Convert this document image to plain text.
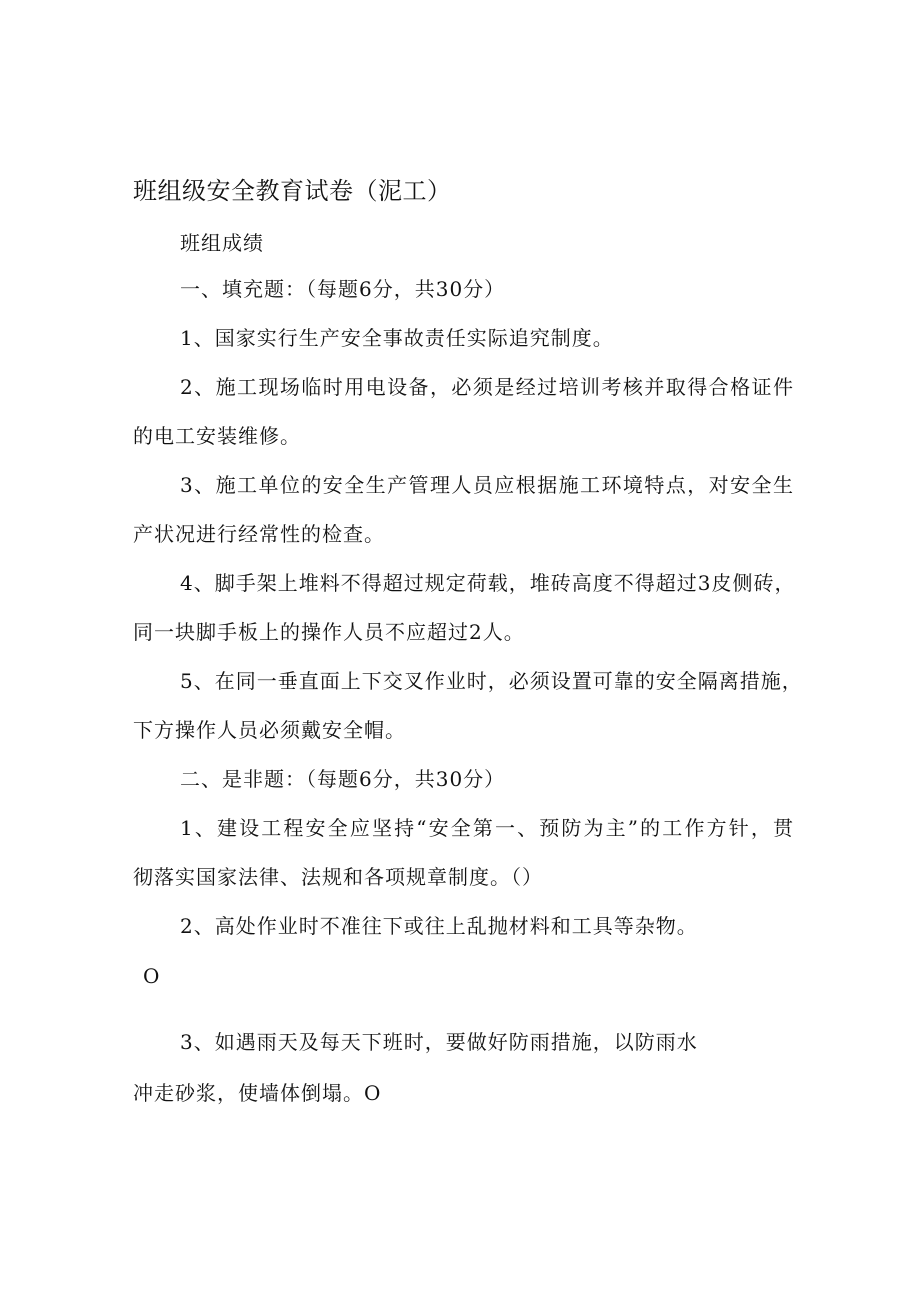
班组级安全教育试卷（泥工）
班组成绩
一、填充题：（每题6分，共30分）
1、国家实行生产安全事故责任实际追究制度。
2、施工现场临时用电设备，必须是经过培训考核并取得合格证件
的电工安装维修。
3、施工单位的安全生产管理人员应根据施工环境特点，对安全生
产状况进行经常性的检查。
4、脚手架上堆料不得超过规定荷载，堆砖高度不得超过3皮侧砖，
同一块脚手板上的操作人员不应超过2人。
5、在同一垂直面上下交叉作业时，必须设置可靠的安全隔离措施，
下方操作人员必须戴安全帽。
二、是非题：（每题6分，共30分）
1、建设工程安全应坚持“安全第一、预防为主”的工作方针，贯
彻落实国家法律、法规和各项规章制度。（）
2、高处作业时不准往下或往上乱抛材料和工具等杂物。
O
3、如遇雨天及每天下班时，要做好防雨措施，以防雨水
冲走砂浆，使墙体倒塌。O
